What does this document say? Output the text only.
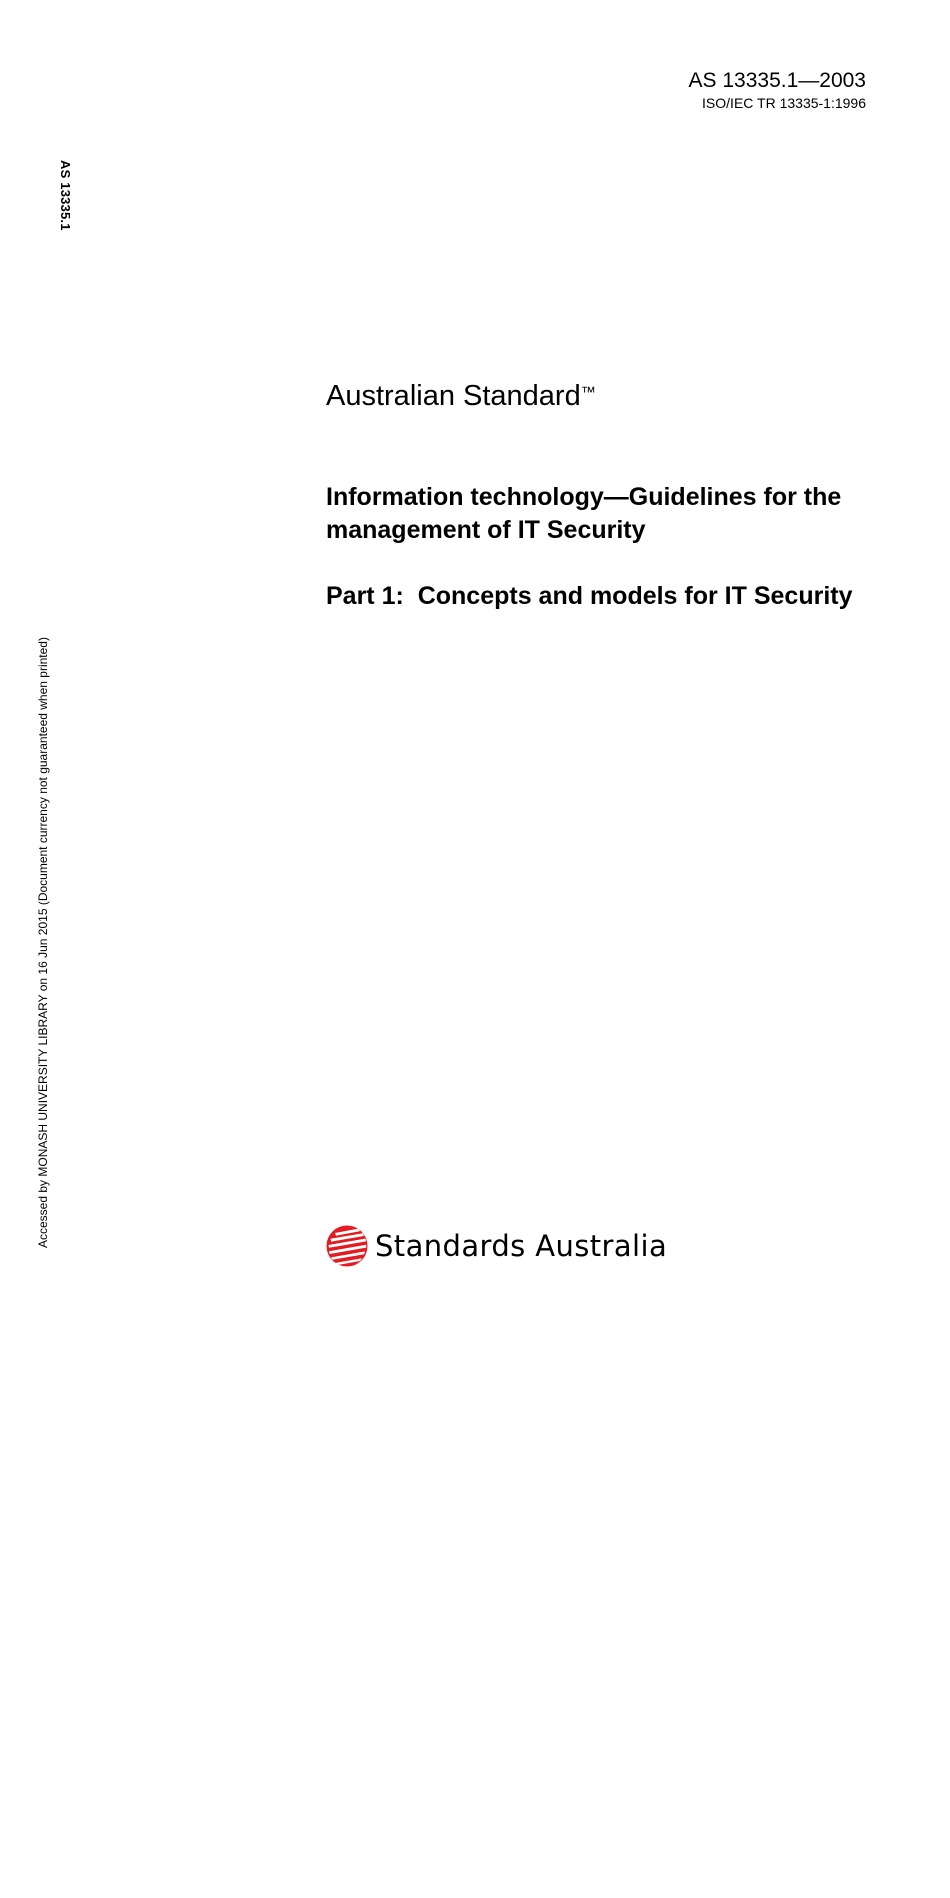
AS 13335.1—2003
ISO/IEC TR 13335-1:1996
AS 13335.1
Accessed by MONASH UNIVERSITY LIBRARY on 16 Jun 2015 (Document currency not guaranteed when printed)
Australian Standard™
Information technology—Guidelines for the management of IT Security
Part 1:  Concepts and models for IT Security
Standards Australia
